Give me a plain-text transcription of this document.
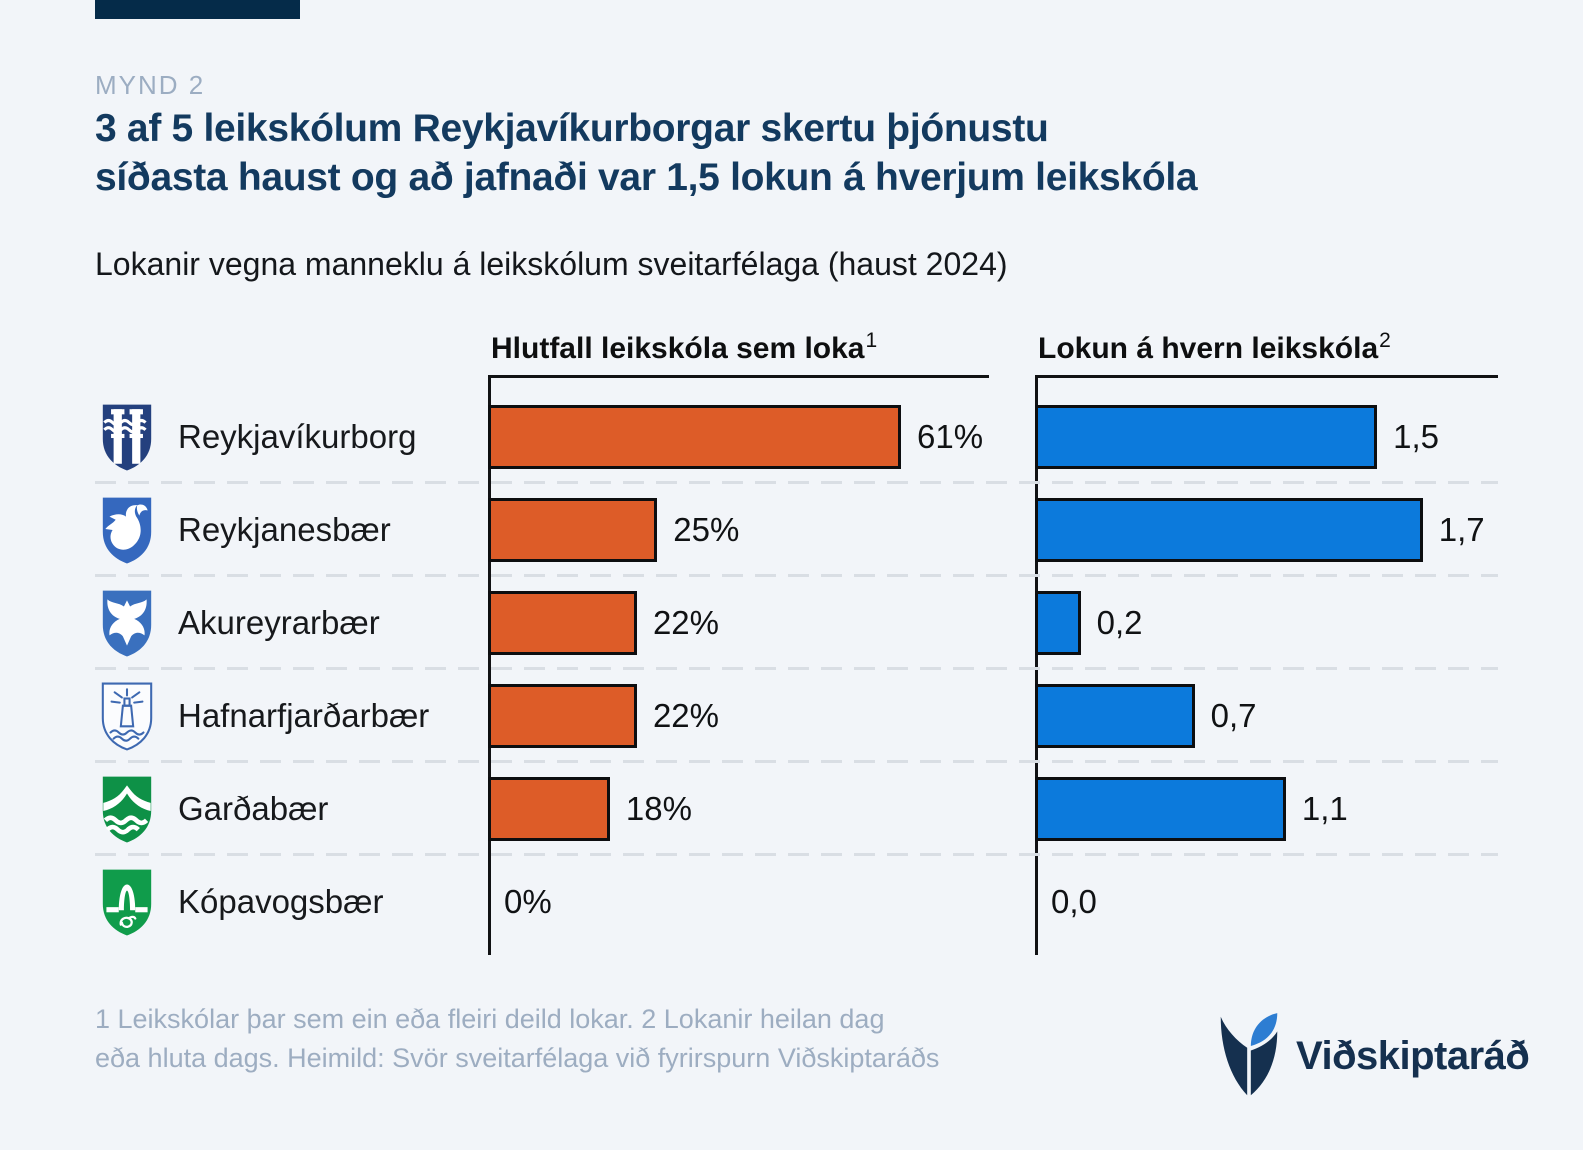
MYND 2
3 af 5 leikskólum Reykjavíkurborgar skertu þjónustu
síðasta haust og að jafnaði var 1,5 lokun á hverjum leikskóla
Lokanir vegna manneklu á leikskólum sveitarfélaga (haust 2024)
Hlutfall leikskóla sem loka$^1$	Lokun á hvern leikskóla$^2$
Reykjavíkurborg	61%	1,5
Reykjanesbær	25%	1,7
Akureyrarbær	22%	0,2
Hafnarfjarðarbær	22%	0,7
Garðabær	18%	1,1
Kópavogsbær	0%	0,0
1 Leikskólar þar sem ein eða fleiri deild lokar. 2 Lokanir heilan dag
eða hluta dags. Heimild: Svör sveitarfélaga við fyrirspurn Viðskiptaráðs	Viðskiptaráð
